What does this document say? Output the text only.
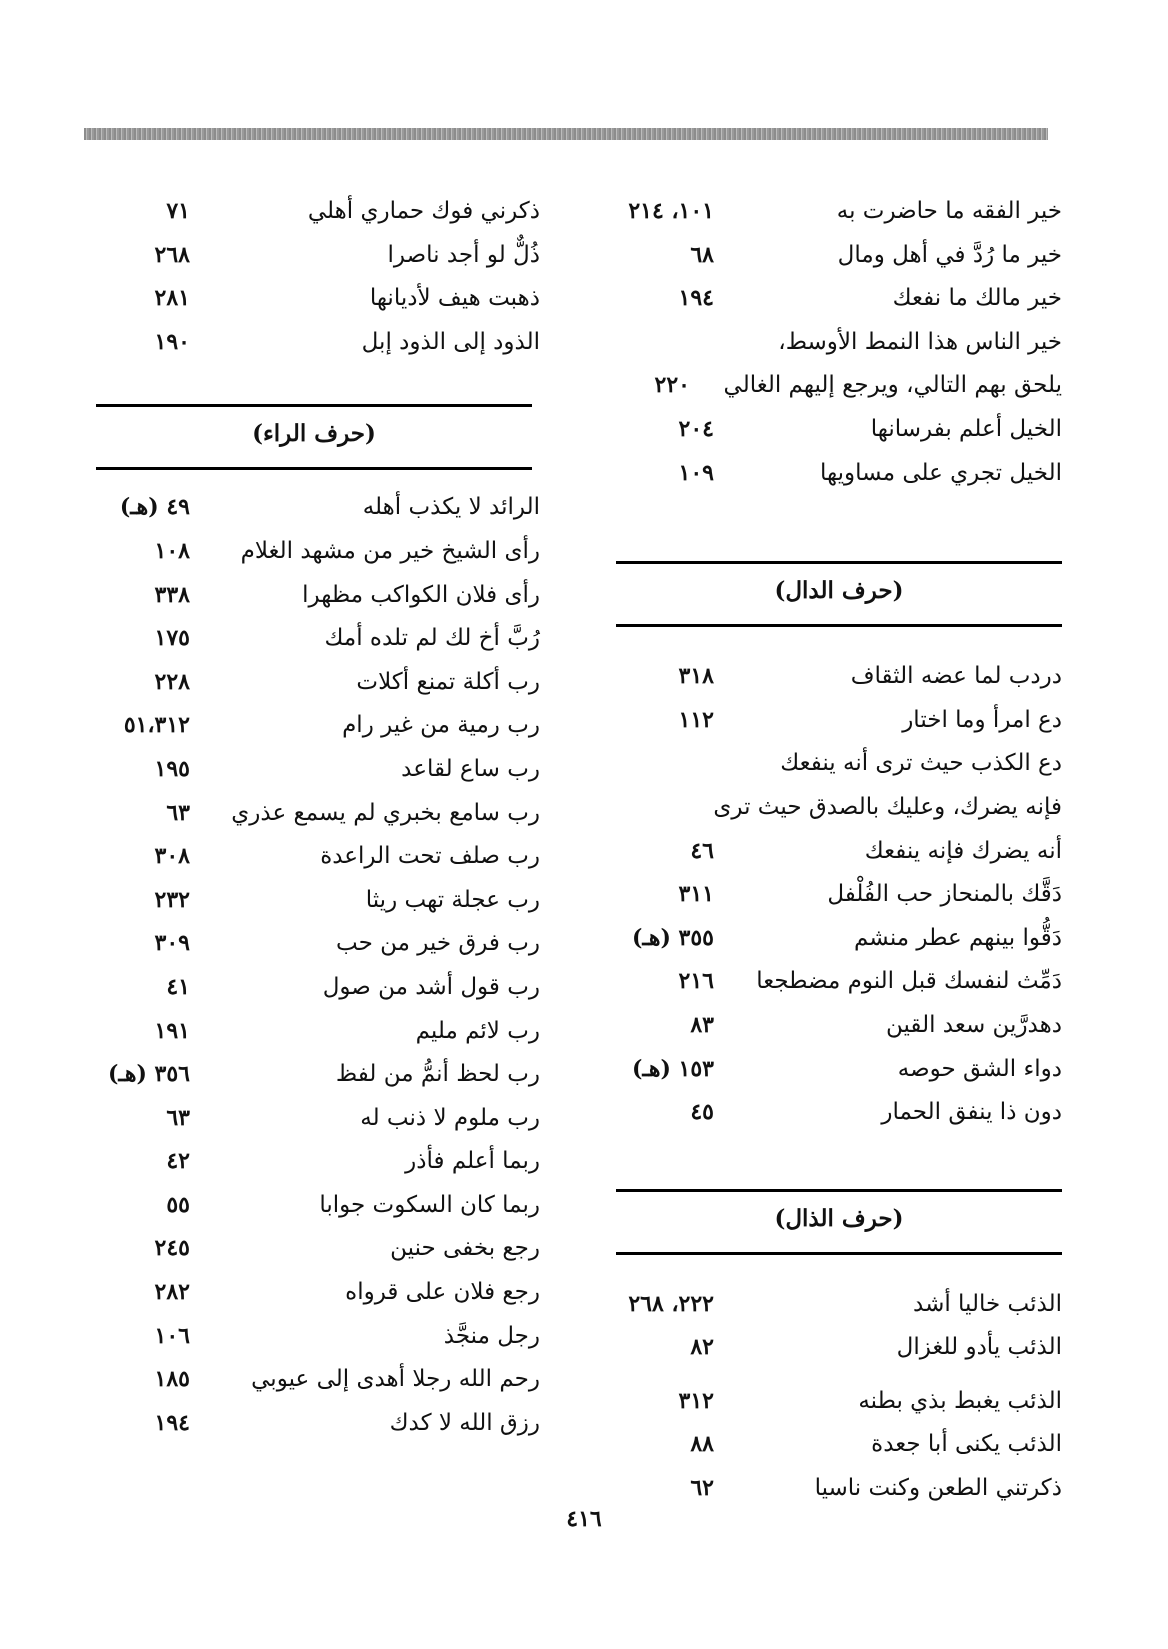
خير الفقه ما حاضرت به
١٠١، ٢١٤
خير ما رُدَّ في أهل ومال
٦٨
خير مالك ما نفعك
١٩٤
خير الناس هذا النمط الأوسط،
يلحق بهم التالي، ويرجع إليهم الغالي
٢٢٠
الخيل أعلم بفرسانها
٢٠٤
الخيل تجري على مساويها
١٠٩
(حرف الدال)
دردب لما عضه الثقاف
٣١٨
دع امرأ وما اختار
١١٢
دع الكذب حيث ترى أنه ينفعك
فإنه يضرك، وعليك بالصدق حيث ترى
أنه يضرك فإنه ينفعك
٤٦
دَقَّك بالمنحاز حب الفُلْفل
٣١١
دَقُّوا بينهم عطر منشم
٣٥٥ (هـ)
دَمِّث لنفسك قبل النوم مضطجعا
٢١٦
دهدرَّين سعد القين
٨٣
دواء الشق حوصه
١٥٣ (هـ)
دون ذا ينفق الحمار
٤٥
(حرف الذال)
الذئب خاليا أشد
٢٢٢، ٢٦٨
الذئب يأدو للغزال
٨٢
الذئب يغبط بذي بطنه
٣١٢
الذئب يكنى أبا جعدة
٨٨
ذكرتني الطعن وكنت ناسيا
٦٢
ذكرني فوك حماري أهلي
٧١
ذُلٌّ لو أجد ناصرا
٢٦٨
ذهبت هيف لأديانها
٢٨١
الذود إلى الذود إبل
١٩٠
(حرف الراء)
الرائد لا يكذب أهله
٤٩ (هـ)
رأى الشيخ خير من مشهد الغلام
١٠٨
رأى فلان الكواكب مظهرا
٣٣٨
رُبَّ أخ لك لم تلده أمك
١٧٥
رب أكلة تمنع أكلات
٢٢٨
رب رمية من غير رام
٥١،٣١٢
رب ساع لقاعد
١٩٥
رب سامع بخبري لم يسمع عذري
٦٣
رب صلف تحت الراعدة
٣٠٨
رب عجلة تهب ريثا
٢٣٢
رب فرق خير من حب
٣٠٩
رب قول أشد من صول
٤١
رب لائم مليم
١٩١
رب لحظ أنمُّ من لفظ
٣٥٦ (هـ)
رب ملوم لا ذنب له
٦٣
ربما أعلم فأذر
٤٢
ربما كان السكوت جوابا
٥٥
رجع بخفى حنين
٢٤٥
رجع فلان على قرواه
٢٨٢
رجل منجَّذ
١٠٦
رحم الله رجلا أهدى إلى عيوبي
١٨٥
رزق الله لا كدك
١٩٤
٤١٦
